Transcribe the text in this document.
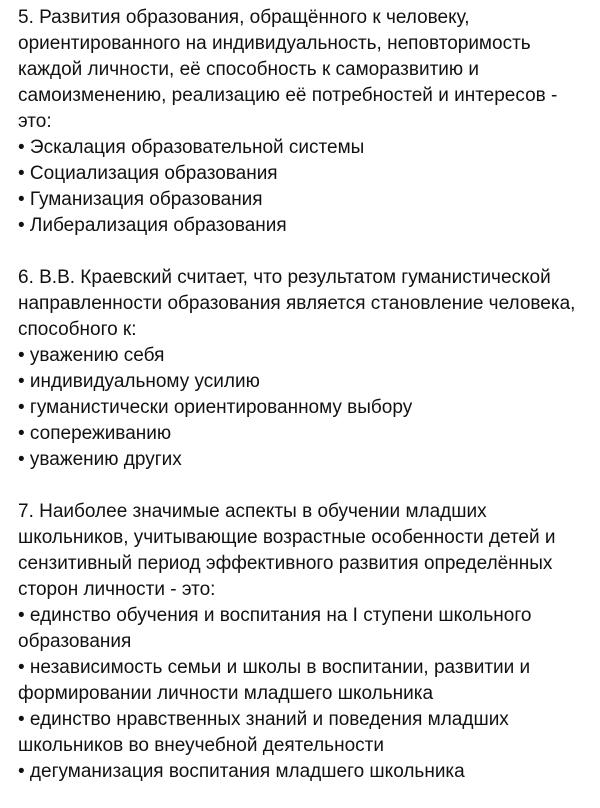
5. Развития образования, обращённого к человеку, ориентированного на индивидуальность, неповторимость каждой личности, её способность к саморазвитию и самоизменению, реализацию её потребностей и интересов - это:

• Эскалация образовательной системы
• Социализация образования
• Гуманизация образования
• Либерализация образования

6. В.В. Краевский считает, что результатом гуманистической направленности образования является становление человека, способного к:

• уважению себя
• индивидуальному усилию
• гуманистически ориентированному выбору
• сопереживанию
• уважению других

7. Наиболее значимые аспекты в обучении младших школьников, учитывающие возрастные особенности детей и сензитивный период эффективного развития определённых сторон личности - это:

• единство обучения и воспитания на I ступени школьного образования
• независимость семьи и школы в воспитании, развитии и формировании личности младшего школьника
• единство нравственных знаний и поведения младших школьников во внеучебной деятельности
• дегуманизация воспитания младшего школьника
